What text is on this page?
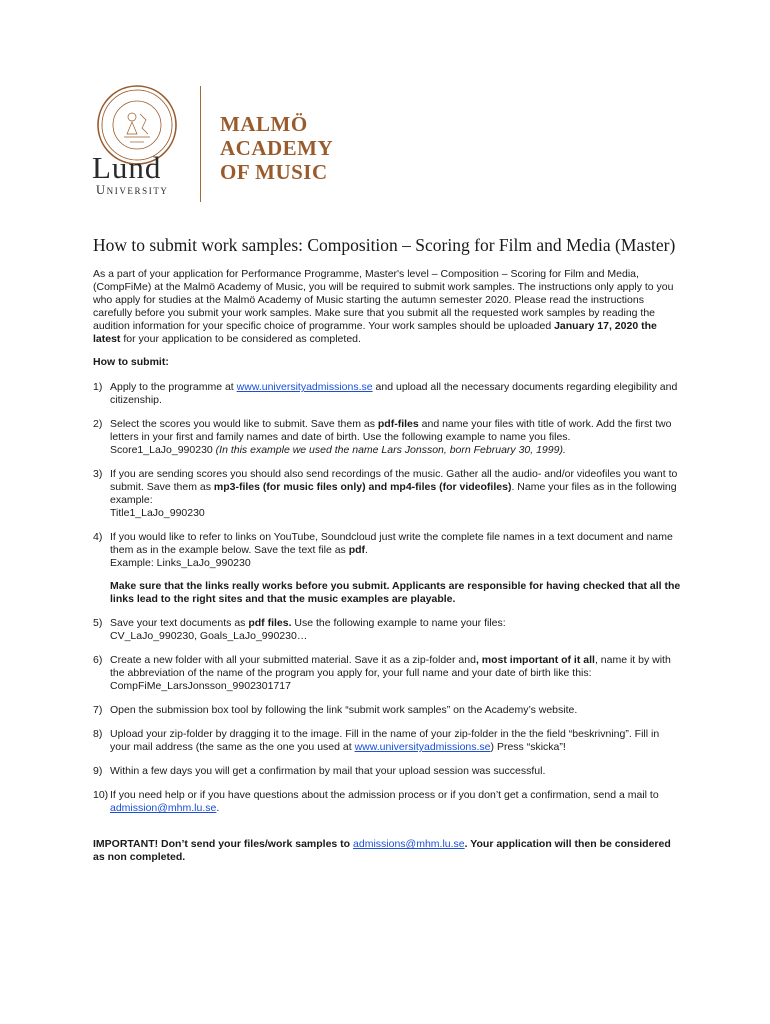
Lund
University
MALMÖ
ACADEMY
OF MUSIC
How to submit work samples: Composition – Scoring for Film and Media (Master)

As a part of your application for Performance Programme, Master's level – Composition – Scoring for Film and Media, (CompFiMe) at the Malmö Academy of Music, you will be required to submit work samples. The instructions only apply to you who apply for studies at the Malmö Academy of Music starting the autumn semester 2020. Please read the instructions carefully before you submit your work samples. Make sure that you submit all the requested work samples by reading the audition information for your specific choice of programme. Your work samples should be uploaded January 17, 2020 the latest for your application to be considered as completed.

How to submit:

1) Apply to the programme at www.universityadmissions.se and upload all the necessary documents regarding elegibility and citizenship.
2) Select the scores you would like to submit. Save them as pdf-files and name your files with title of work. Add the first two letters in your first and family names and date of birth. Use the following example to name you files.
Score1_LaJo_990230 (In this example we used the name Lars Jonsson, born February 30, 1999).
3) If you are sending scores you should also send recordings of the music. Gather all the audio- and/or videofiles you want to submit. Save them as mp3-files (for music files only) and mp4-files (for videofiles). Name your files as in the following example:
Title1_LaJo_990230
4) If you would like to refer to links on YouTube, Soundcloud just write the complete file names in a text document and name them as in the example below. Save the text file as pdf.
Example: Links_LaJo_990230
Make sure that the links really works before you submit. Applicants are responsible for having checked that all the links lead to the right sites and that the music examples are playable.
5) Save your text documents as pdf files. Use the following example to name your files:
CV_LaJo_990230, Goals_LaJo_990230…
6) Create a new folder with all your submitted material. Save it as a zip-folder and, most important of it all, name it by with the abbreviation of the name of the program you apply for, your full name and your date of birth like this:
CompFiMe_LarsJonsson_9902301717
7) Open the submission box tool by following the link “submit work samples” on the Academy’s website.
8) Upload your zip-folder by dragging it to the image. Fill in the name of your zip-folder in the the field “beskrivning”. Fill in your mail address (the same as the one you used at www.universityadmissions.se) Press “skicka”!
9) Within a few days you will get a confirmation by mail that your upload session was successful.
10) If you need help or if you have questions about the admission process or if you don’t get a confirmation, send a mail to admission@mhm.lu.se.

IMPORTANT! Don’t send your files/work samples to admissions@mhm.lu.se. Your application will then be considered as non completed.
